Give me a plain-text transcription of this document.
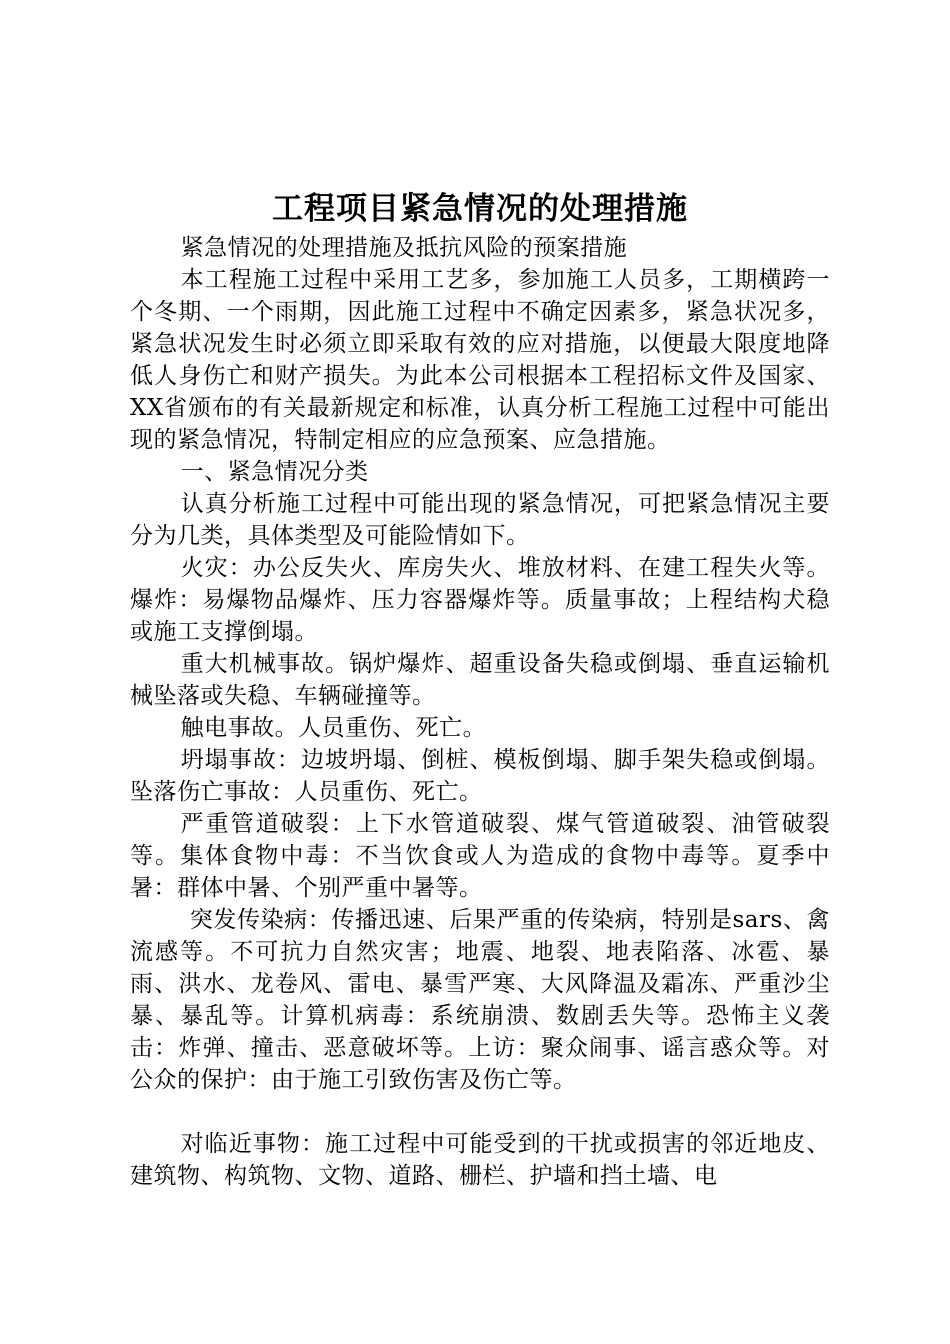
工程项目紧急情况的处理措施

紧急情况的处理措施及抵抗风险的预案措施

本工程施工过程中采用工艺多，参加施工人员多，工期横跨一个冬期、一个雨期，因此施工过程中不确定因素多，紧急状况多，紧急状况发生时必须立即采取有效的应对措施，以便最大限度地降低人身伤亡和财产损失。为此本公司根据本工程招标文件及国家、XX省颁布的有关最新规定和标准，认真分析工程施工过程中可能出现的紧急情况，特制定相应的应急预案、应急措施。

一、紧急情况分类

认真分析施工过程中可能出现的紧急情况，可把紧急情况主要分为几类，具体类型及可能险情如下。

火灾：办公反失火、库房失火、堆放材料、在建工程失火等。爆炸：易爆物品爆炸、压力容器爆炸等。质量事故；上程结构犬稳或施工支撑倒塌。

重大机械事故。锅炉爆炸、超重设备失稳或倒塌、垂直运输机械坠落或失稳、车辆碰撞等。

触电事故。人员重伤、死亡。

坍塌事故：边坡坍塌、倒桩、模板倒塌、脚手架失稳或倒塌。坠落伤亡事故：人员重伤、死亡。

严重管道破裂：上下水管道破裂、煤气管道破裂、油管破裂等。集体食物中毒：不当饮食或人为造成的食物中毒等。夏季中暑：群体中暑、个别严重中暑等。

突发传染病：传播迅速、后果严重的传染病，特别是sars、禽流感等。不可抗力自然灾害；地震、地裂、地表陷落、冰雹、暴雨、洪水、龙卷风、雷电、暴雪严寒、大风降温及霜冻、严重沙尘暴、暴乱等。计算机病毒：系统崩溃、数剧丢失等。恐怖主义袭击：炸弹、撞击、恶意破坏等。上访：聚众闹事、谣言惑众等。对公众的保护：由于施工引致伤害及伤亡等。

对临近事物：施工过程中可能受到的干扰或损害的邻近地皮、建筑物、构筑物、文物、道路、栅栏、护墙和挡土墙、电
